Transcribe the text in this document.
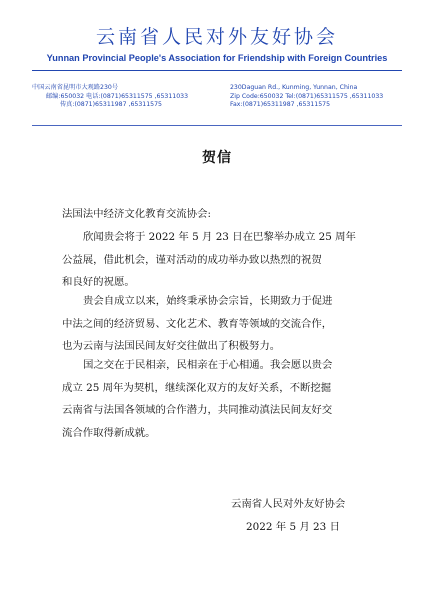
云南省人民对外友好协会
Yunnan Provincial People's Association for Friendship with Foreign Countries
中国云南省昆明市大观路230号
邮编:650032 电话:(0871)65311575 ,65311033
传真:(0871)65311987 ,65311575
230Daguan Rd., Kunming, Yunnan, China
Zip Code:650032 Tel:(0871)65311575 ,65311033
Fax:(0871)65311987 ,65311575
贺信
法国法中经济文化教育交流协会:
欣闻贵会将于 2022 年 5 月 23 日在巴黎举办成立 25 周年
公益展，借此机会，谨对活动的成功举办致以热烈的祝贺
和良好的祝愿。
贵会自成立以来，始终秉承协会宗旨，长期致力于促进
中法之间的经济贸易、文化艺术、教育等领域的交流合作，
也为云南与法国民间友好交往做出了积极努力。
国之交在于民相亲，民相亲在于心相通。我会愿以贵会
成立 25 周年为契机，继续深化双方的友好关系，不断挖掘
云南省与法国各领域的合作潜力，共同推动滇法民间友好交
流合作取得新成就。
云南省人民对外友好协会
2022 年 5 月 23 日
